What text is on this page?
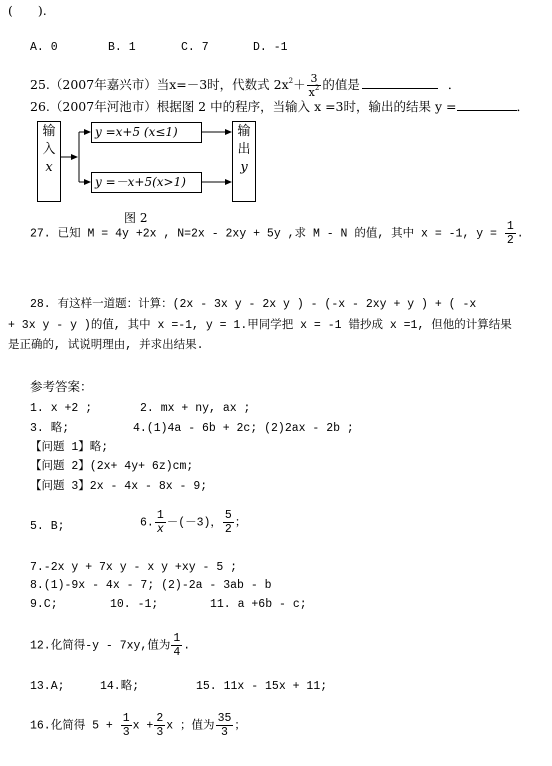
(　　).
A. 0	B. 1	C. 7	D. -1
25.（2007年嘉兴市）当x=－3时，代数式 $2x^2+ \frac{3}{x^2}$ 的值是	．
26.（2007年河池市）根据图 2 中的程序，当输入 x =3时，输出的结果 y =	．
输
入
x
输
出
y
y =x+5 (x≤1)
y =－x+5(x>1)
图 2
27. 已知 M = 4y +2x , N=2x - 2xy + 5y ,求 M - N 的值, 其中 x = -1, $y = \frac{1}{2}$ .
28. 有这样一道题：计算：(2x - 3x y - 2x y ) - (-x - 2xy + y ) + ( -x
+ 3x y - y )的值, 其中 x =-1, y = 1.甲同学把 x = -1 错抄成 x =1, 但他的计算结果
是正确的, 试说明理由, 并求出结果.
参考答案：
1. x +2 ;	2. mx + ny, ax ;
3. 略;	4.(1)4a - 6b + 2c; (2)2ax - 2b ;
【问题 1】略;
【问题 2】(2x+ 4y+ 6z)cm;
【问题 3】2x - 4x - 8x - 9;
5. B;	6. $\frac{1}{x} -(-3)$， $\frac{5}{2}$ ；
7.-2x y + 7x y - x y +xy - 5 ;
8.(1)-9x - 4x - 7; (2)-2a - 3ab - b
9.C;	10. -1;	11. a +6b - c;
12.化简得-y - 7xy,值为 $\frac{1}{4}$ .
13.A;	14.略;	15. 11x - 15x + 11;
16.化简得 $5 + \frac{1}{3}$ $x + \frac{2}{3}$ x ；值为 $\frac{35}{3}$ ；
